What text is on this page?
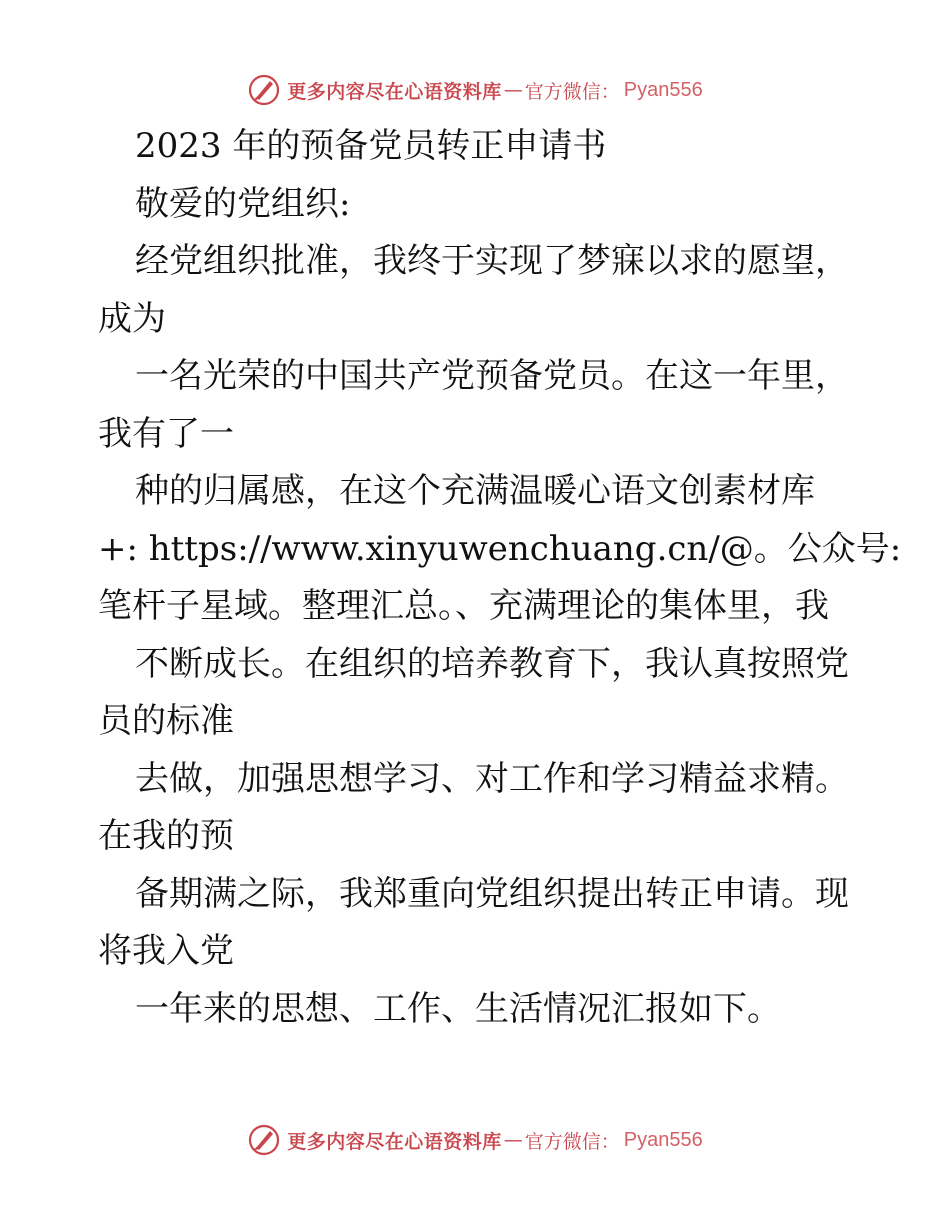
更多内容尽在心语资料库 — 官方微信： Pyan556
2023 年的预备党员转正申请书
敬爱的党组织:
经党组织批准，我终于实现了梦寐以求的愿望，
成为
一名光荣的中国共产党预备党员。在这一年里，
我有了一
种的归属感，在这个充满温暖心语文创素材库
+: https://www.xinyuwenchuang.cn/@。公众号:
笔杆子星域。整理汇总。、充满理论的集体里，我
不断成长。在组织的培养教育下，我认真按照党
员的标准
去做，加强思想学习、对工作和学习精益求精。
在我的预
备期满之际，我郑重向党组织提出转正申请。现
将我入党
一年来的思想、工作、生活情况汇报如下。
更多内容尽在心语资料库 — 官方微信： Pyan556
